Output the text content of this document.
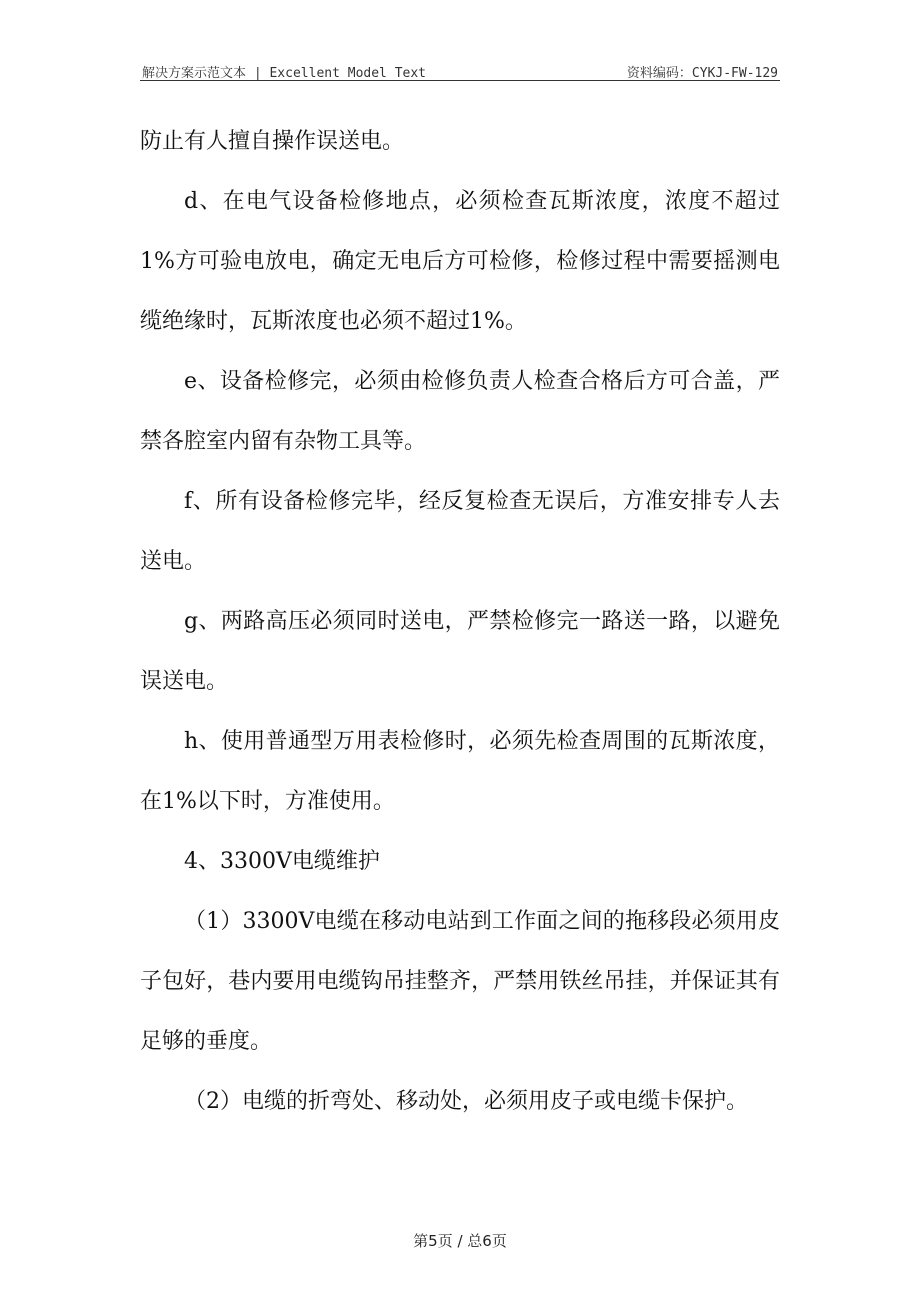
解决方案示范文本 | Excellent Model Text	资料编码：CYKJ-FW-129

防止有人擅自操作误送电。

d、在电气设备检修地点，必须检查瓦斯浓度，浓度不超过1%方可验电放电，确定无电后方可检修，检修过程中需要摇测电缆绝缘时，瓦斯浓度也必须不超过1%。

e、设备检修完，必须由检修负责人检查合格后方可合盖，严禁各腔室内留有杂物工具等。

f、所有设备检修完毕，经反复检查无误后，方准安排专人去送电。

g、两路高压必须同时送电，严禁检修完一路送一路，以避免误送电。

h、使用普通型万用表检修时，必须先检查周围的瓦斯浓度，在1%以下时，方准使用。

4、3300V电缆维护

（1）3300V电缆在移动电站到工作面之间的拖移段必须用皮子包好，巷内要用电缆钩吊挂整齐，严禁用铁丝吊挂，并保证其有足够的垂度。

（2）电缆的折弯处、移动处，必须用皮子或电缆卡保护。

第5页 / 总6页
